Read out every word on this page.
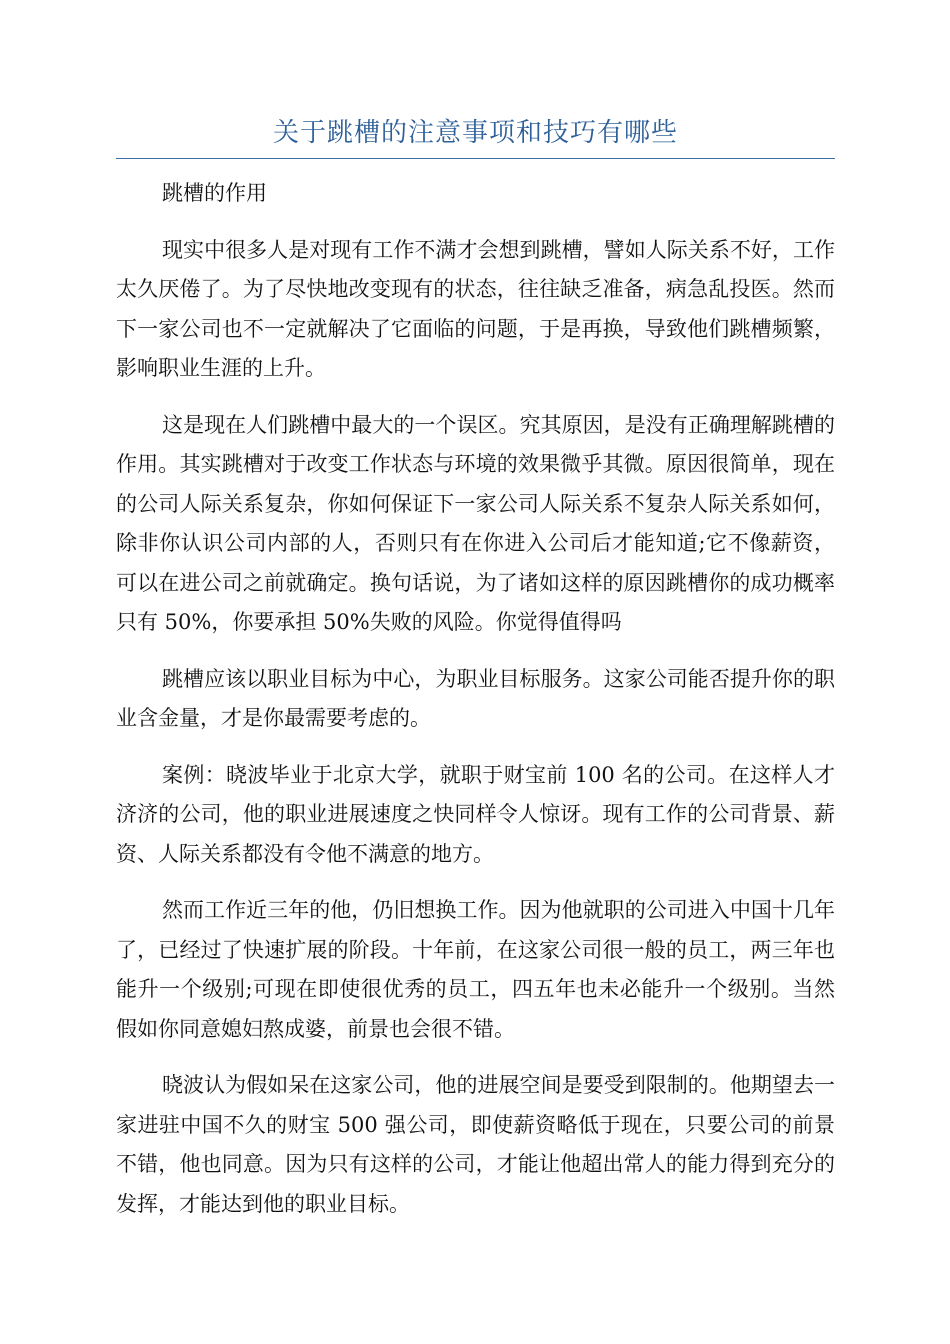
关于跳槽的注意事项和技巧有哪些

跳槽的作用

现实中很多人是对现有工作不满才会想到跳槽，譬如人际关系不好，工作太久厌倦了。为了尽快地改变现有的状态，往往缺乏准备，病急乱投医。然而下一家公司也不一定就解决了它面临的问题，于是再换，导致他们跳槽频繁，影响职业生涯的上升。

这是现在人们跳槽中最大的一个误区。究其原因，是没有正确理解跳槽的作用。其实跳槽对于改变工作状态与环境的效果微乎其微。原因很简单，现在的公司人际关系复杂，你如何保证下一家公司人际关系不复杂人际关系如何，除非你认识公司内部的人，否则只有在你进入公司后才能知道;它不像薪资，可以在进公司之前就确定。换句话说，为了诸如这样的原因跳槽你的成功概率只有 50%，你要承担 50%失败的风险。你觉得值得吗

跳槽应该以职业目标为中心，为职业目标服务。这家公司能否提升你的职业含金量，才是你最需要考虑的。

案例：晓波毕业于北京大学，就职于财宝前 100 名的公司。在这样人才济济的公司，他的职业进展速度之快同样令人惊讶。现有工作的公司背景、薪资、人际关系都没有令他不满意的地方。

然而工作近三年的他，仍旧想换工作。因为他就职的公司进入中国十几年了，已经过了快速扩展的阶段。十年前，在这家公司很一般的员工，两三年也能升一个级别;可现在即使很优秀的员工，四五年也未必能升一个级别。当然假如你同意媳妇熬成婆，前景也会很不错。

晓波认为假如呆在这家公司，他的进展空间是要受到限制的。他期望去一家进驻中国不久的财宝 500 强公司，即使薪资略低于现在，只要公司的前景不错，他也同意。因为只有这样的公司，才能让他超出常人的能力得到充分的发挥，才能达到他的职业目标。
